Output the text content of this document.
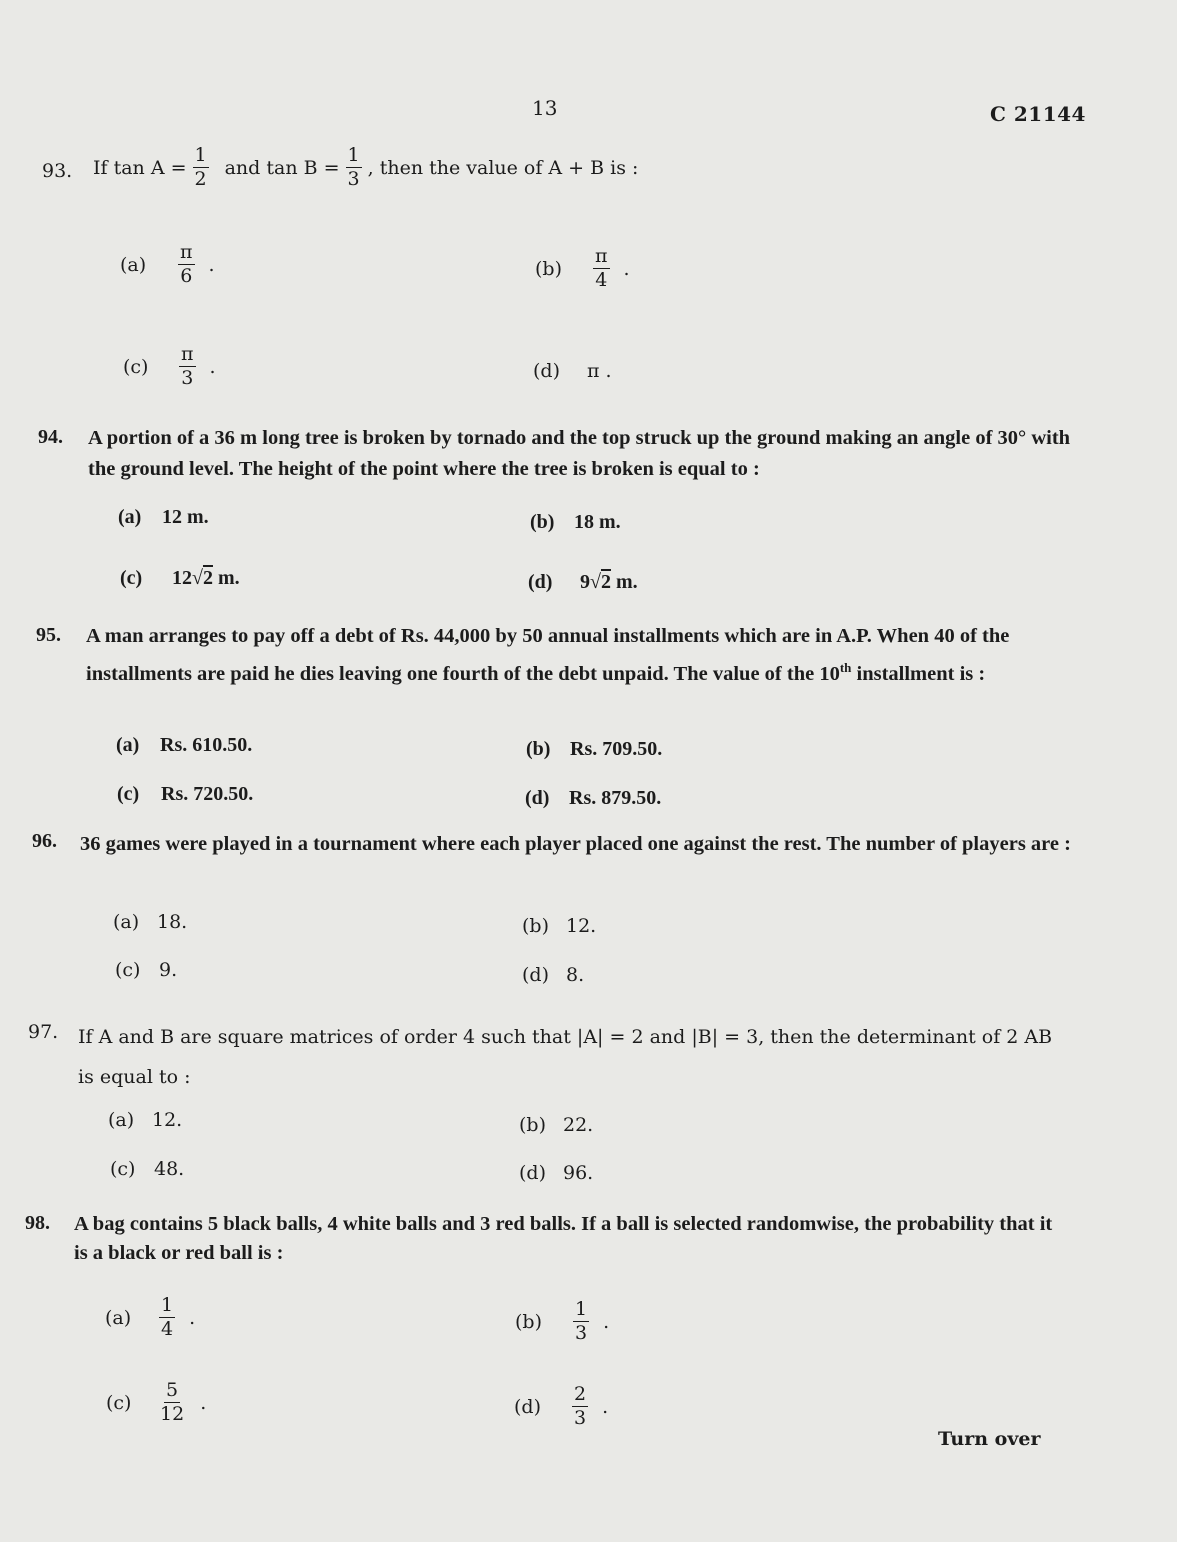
13	C 21144
93. If $\tan A = \frac{1}{2}$ and $\tan B = \frac{1}{3}$ , then the value of A + B is :
$(a) \frac{\pi}{6}$ .	$(b) \frac{\pi}{4}$ .
$(c) \frac{\pi}{3}$ .	(d) π .
94. A portion of a 36 m long tree is broken by tornado and the top struck up the ground making an angle of 30° with the ground level. The height of the point where the tree is broken is equal to :
(a)	12 m.	(b) 18 m.
(c)	12√2 m.	(d) 9√2 m.
95. A man arranges to pay off a debt of Rs. 44,000 by 50 annual installments which are in A.P. When 40 of the installments are paid he dies leaving one fourth of the debt unpaid. The value of the 10th installment is :
(a)	Rs. 610.50.	(b) Rs. 709.50.
(c)	Rs. 720.50.	(d) Rs. 879.50.
96. 36 games were played in a tournament where each player placed one against the rest. The number of players are :
(a) 18.	(b) 12.
(c) 9.	(d) 8.
97. If A and B are square matrices of order 4 such that |A| = 2 and |B| = 3, then the determinant of 2 AB is equal to :
(a) 12.	(b) 22.
(c) 48.	(d) 96.
98. A bag contains 5 black balls, 4 white balls and 3 red balls. If a ball is selected randomwise, the probability that it is a black or red ball is :
$(a) \frac{1}{4}$ .	$(b) \frac{1}{3}$ .
$(c) \frac{5}{12}$ .	$(d) \frac{2}{3}$ .
Turn over
